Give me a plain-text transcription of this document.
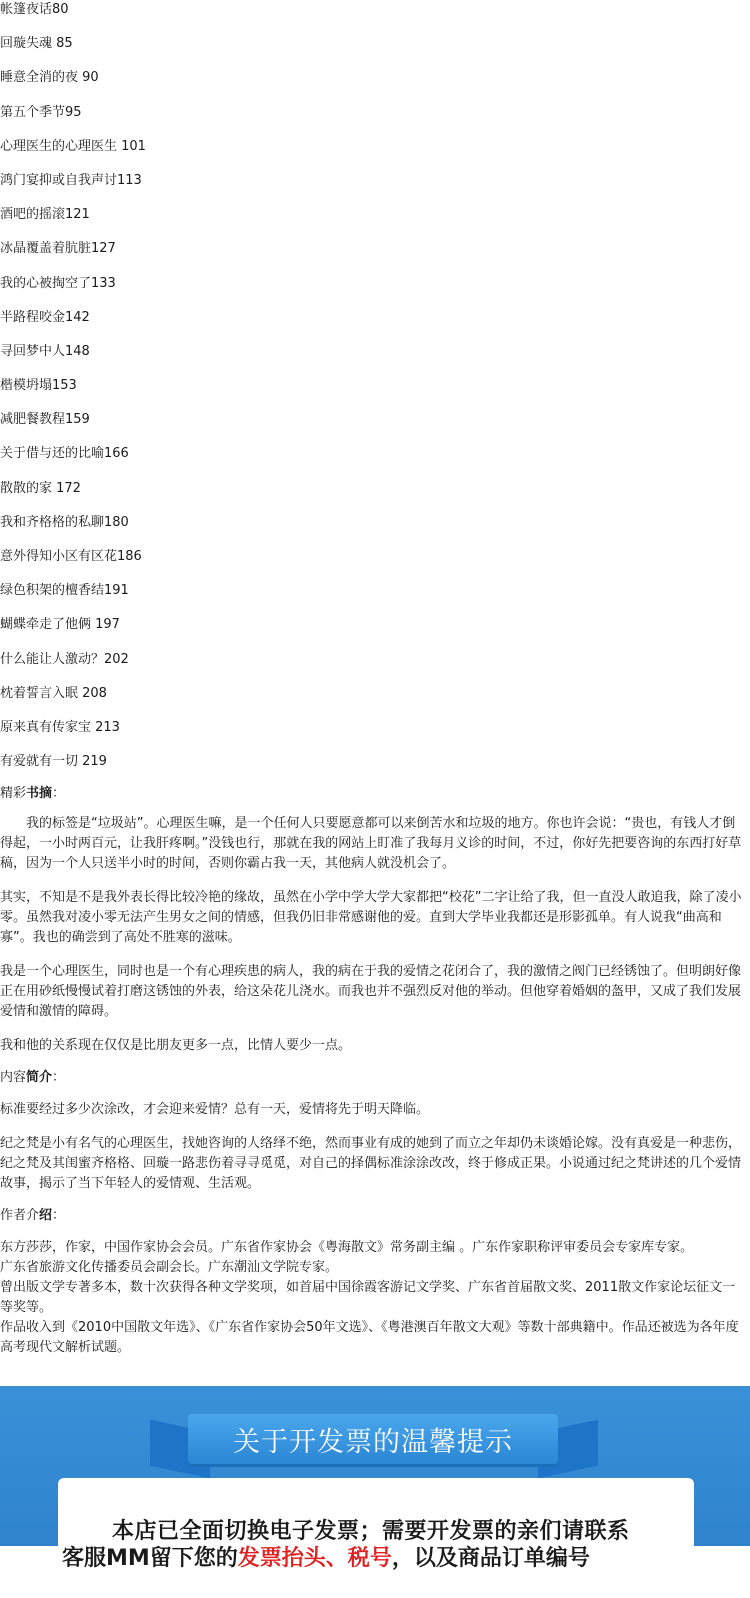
帐篷夜话80
回璇失魂 85
睡意全消的夜 90
第五个季节95
心理医生的心理医生 101
鸿门宴抑或自我声讨113
酒吧的摇滚121
冰晶覆盖着肮脏127
我的心被掏空了133
半路程咬金142
寻回梦中人148
楷模坍塌153
减肥餐教程159
关于借与还的比喻166
散散的家 172
我和齐格格的私聊180
意外得知小区有区花186
绿色积架的檀香结191
蝴蝶牵走了他俩 197
什么能让人激动？202
枕着誓言入眠 208
原来真有传家宝 213
有爱就有一切 219

精彩书摘：

　　我的标签是“垃圾站”。心理医生嘛，是一个任何人只要愿意都可以来倒苦水和垃圾的地方。你也许会说：“贵也，有钱人才倒得起，一小时两百元，让我肝疼啊。”没钱也行，那就在我的网站上盯准了我每月义诊的时间，不过，你好先把要咨询的东西打好草稿，因为一个人只送半小时的时间，否则你霸占我一天，其他病人就没机会了。

其实，不知是不是我外表长得比较冷艳的缘故，虽然在小学中学大学大家都把“校花”二字让给了我，但一直没人敢追我，除了凌小零。虽然我对凌小零无法产生男女之间的情感，但我仍旧非常感谢他的爱。直到大学毕业我都还是形影孤单。有人说我“曲高和寡”。我也的确尝到了高处不胜寒的滋味。

我是一个心理医生，同时也是一个有心理疾患的病人，我的病在于我的爱情之花闭合了，我的激情之阀门已经锈蚀了。但明朗好像正在用砂纸慢慢试着打磨这锈蚀的外表，给这朵花儿浇水。而我也并不强烈反对他的举动。但他穿着婚姻的盔甲，又成了我们发展爱情和激情的障碍。

我和他的关系现在仅仅是比朋友更多一点，比情人要少一点。

内容简介：

标准要经过多少次涂改，才会迎来爱情？总有一天，爱情将先于明天降临。

纪之梵是小有名气的心理医生，找她咨询的人络绎不绝，然而事业有成的她到了而立之年却仍未谈婚论嫁。没有真爱是一种悲伤，纪之梵及其闺蜜齐格格、回璇一路悲伤着寻寻觅觅，对自己的择偶标准涂涂改改，终于修成正果。小说通过纪之梵讲述的几个爱情故事，揭示了当下年轻人的爱情观、生活观。

作者介绍：

东方莎莎，作家，中国作家协会会员。广东省作家协会《粤海散文》常务副主编 。广东作家职称评审委员会专家库专家。

广东省旅游文化传播委员会副会长。广东潮汕文学院专家。

曾出版文学专著多本，数十次获得各种文学奖项，如首届中国徐霞客游记文学奖、广东省首届散文奖、2011散文作家论坛征文一等奖等。

作品收入到《2010中国散文年选》、《广东省作家协会50年文选》、《粤港澳百年散文大观》等数十部典籍中。作品还被选为各年度高考现代文解析试题。

关于开发票的温馨提示
本店已全面切换电子发票；需要开发票的亲们请联系
客服MM留下您的发票抬头、税号，以及商品订单编号
